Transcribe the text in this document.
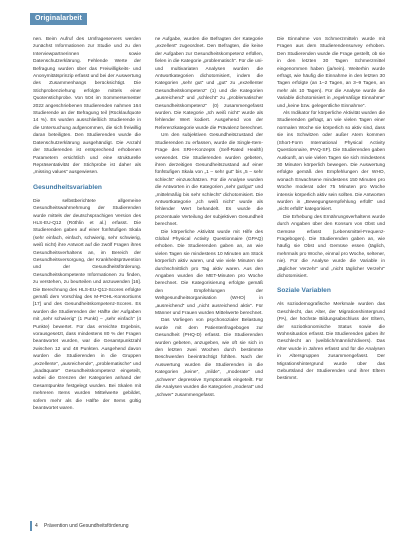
Originalarbeit

nen. Beim Aufruf des Umfrageservers werden zunächst Informationen zur Studie und zu den Interviewpartnerinnen sowie Datenschutzerklärung. Fehlende Werte der Befragung wurden über das Freiwilligkeits- und Anonymitätsprinzip erfasst und bei der Auswertung des Zusammenhangs berücksichtigt. Die Stichprobenziehung erfolgte mittels einer Quotenstichprobe. Von 504 im Sommersemester 2022 angeschriebenen Studierenden nahmen 164 Studierende an der Befragung teil (Rücklaufquote 14 %). Es wurden ausschließlich Studierende in die Untersuchung aufgenommen, die sich freiwillig daran beteiligten. Den Studierenden wurde die Datenschutzerklärung ausgehändigt. Die Anzahl der Studierenden ist entsprechend erhobenen Parametern ersichtlich und eine strukturelle Repräsentativität der Stichprobe ist daher als „missing values“ ausgewiesen.

Gesundheitsvariablen

Die selbstberichtete allgemeine Gesundheitswahrnehmung der Studierenden wurde mittels der deutschsprachigen Version des HLS-EU-Q12 (Röthlin et al.) erfasst. Die Studierenden gaben auf einer fünfstufigen Skala (sehr einfach, einfach, schwierig, sehr schwierig, weiß nicht) ihre Antwort auf die zwölf Fragen ihres Gesundheitsverhaltens an, im Bereich der Gesundheitsversorgung, der Krankheitsprävention und der Gesundheitsförderung. Gesundheitskompetente Informationen zu finden, zu verstehen, zu beurteilen und anzuwenden [16]. Die Berechnung des HLS-EU-Q12-Scores erfolgte gemäß dem Vorschlag des M-POHL-Konsortiums [17] und des Gesundheitskompetenz-Scores. Es wurden die Studierenden der Hälfte der Aufgaben mit „sehr schwierig“ (1 Punkt) – „sehr einfach“ (4 Punkte) bewertet. Für das erreichte Ergebnis, vorausgesetzt, dass mindestens 80 % der Fragen beantwortet wurden, war die Gesamtpunktzahl zwischen 12 und 48 Punkten. Ausgehend davon wurden die Studierenden in die Gruppen „exzellente“, „ausreichende“, „problematische“ und „inadäquate“ Gesundheitskompetenz eingeteilt, wobei die Grenzen der Kategorien anhand der Gesamtpunkte festgelegt wurden. Bei Skalen mit mehreren Items wurden Mittelwerte gebildet, sofern mehr als die Hälfte der Items gültig beantwortet waren.

ne Aufgabe, wurden die Befragten der Kategorie „exzellent“ zugeordnet. Den Befragten, die keine der Aufgaben zur Gesundheitskompetenz erfüllen, fielen in die Kategorie „problematisch“. Für die uni- und multivariaten Analysen wurden die Antwortkategorien dichotomisiert, indem die Kategorien „sehr gut“ und „gut“ zu „exzellenter Gesundheitskompetenz“ (1) und die Kategorien „ausreichend“ und „schlecht“ zu „problematischer Gesundheitskompetenz“ (0) zusammengefasst wurden. Die Kategorie „Ich weiß nicht“ wurde als fehlender Wert kodiert. Ausgehend von der Referenzkategorie wurde die Prävalenz berechnet.

Um den subjektiven Gesundheitszustand der Studierenden zu erfassen, wurde die Single-Item-Frage des SRH-Konzepts (Self-Rated Health) verwendet. Die Studierenden wurden gebeten, ihren derzeitigen Gesundheitszustand auf einer fünfstufigen Skala von „1 – sehr gut“ bis „5 – sehr schlecht“ einzuschätzen. Für die Analyse wurden die Antworten in die Kategorien „sehr gut/gut“ und „mittelmäßig bis sehr schlecht“ dichotomisiert. Die Antwortkategorie „Ich weiß nicht“ wurde als fehlender Wert behandelt. Es wurde die prozentuale Verteilung der subjektiven Gesundheit berechnet.

Die körperliche Aktivität wurde mit Hilfe des Global Physical Activity Questionnaire (GPAQ) erhoben. Die Studierenden gaben an, an wie vielen Tagen sie mindestens 10 Minuten am Stück körperlich aktiv waren, und wie viele Minuten sie durchschnittlich pro Tag aktiv waren. Aus den Angaben wurden die MET-Minuten pro Woche berechnet. Die Kategorisierung erfolgte gemäß den Empfehlungen der Weltgesundheitsorganisation (WHO) in „ausreichend“ und „nicht ausreichend aktiv“. Für Männer und Frauen wurden Mittelwerte berechnet.

Das Vorliegen von psychosozialer Belastung wurde mit dem Patientenfragebogen zur Gesundheit (PHQ-D) erfasst. Die Studierenden wurden gebeten, anzugeben, wie oft sie sich in den letzten zwei Wochen durch bestimmte Beschwerden beeinträchtigt fühlten. Nach der Auswertung wurden die Studierenden in die Kategorien „keine“, „milde“, „moderate“ und „schwere“ depressive Symptomatik eingeteilt. Für die Analysen wurden die Kategorien „moderat“ und „schwer“ zusammengefasst.

Die Einnahme von Schmerzmitteln wurde mit Fragen aus dem Studierendensurvey erhoben. Den Studierenden wurde die Frage gestellt, ob sie in den letzten 30 Tagen Schmerzmittel eingenommen haben (ja/nein). Weiterhin wurde erfragt, wie häufig die Einnahme in den letzten 30 Tagen erfolgte (an 1–2 Tagen, an 3–9 Tagen, an mehr als 10 Tagen). Für die Analyse wurde die Variable dichotomisiert in „regelmäßige Einnahme“ und „keine bzw. gelegentliche Einnahme“.

Als Indikator für körperliche Aktivität wurden die Studierenden gefragt, an wie vielen Tagen einer normalen Woche sie körperlich so aktiv sind, dass sie ins Schwitzen oder außer Atem kommen (Short-Form International Physical Activity Questionnaire, IPAQ-SF). Die Studierenden gaben Auskunft, an wie vielen Tagen sie sich mindestens 30 Minuten körperlich bewegen. Die Auswertung erfolgte gemäß den Empfehlungen der WHO, wonach Erwachsene mindestens 150 Minuten pro Woche moderat oder 75 Minuten pro Woche intensiv körperlich aktiv sein sollten. Die Antworten wurden in „Bewegungsempfehlung erfüllt“ und „nicht erfüllt“ kategorisiert.

Die Erhebung des Ernährungsverhaltens wurde durch Angaben über den Konsum von Obst und Gemüse erfasst (Lebensmittel-Frequenz-Fragebogen). Die Studierenden gaben an, wie häufig sie Obst und Gemüse essen (täglich, mehrmals pro Woche, einmal pro Woche, seltener, nie). Für die Analyse wurde die Variable in „täglicher Verzehr“ und „nicht täglicher Verzehr“ dichotomisiert.

Soziale Variablen

Als soziodemografische Merkmale wurden das Geschlecht, das Alter, der Migrationshintergrund (PA), der höchste Bildungsabschluss der Eltern, der sozioökonomische Status sowie die Wohnsituation erfasst. Die Studierenden gaben ihr Geschlecht an (weiblich/männlich/divers). Das Alter wurde in Jahren erfasst und für die Analysen in Altersgruppen zusammengefasst. Der Migrationshintergrund wurde über das Geburtsland der Studierenden und ihrer Eltern bestimmt.

4 Prävention und Gesundheitsförderung
